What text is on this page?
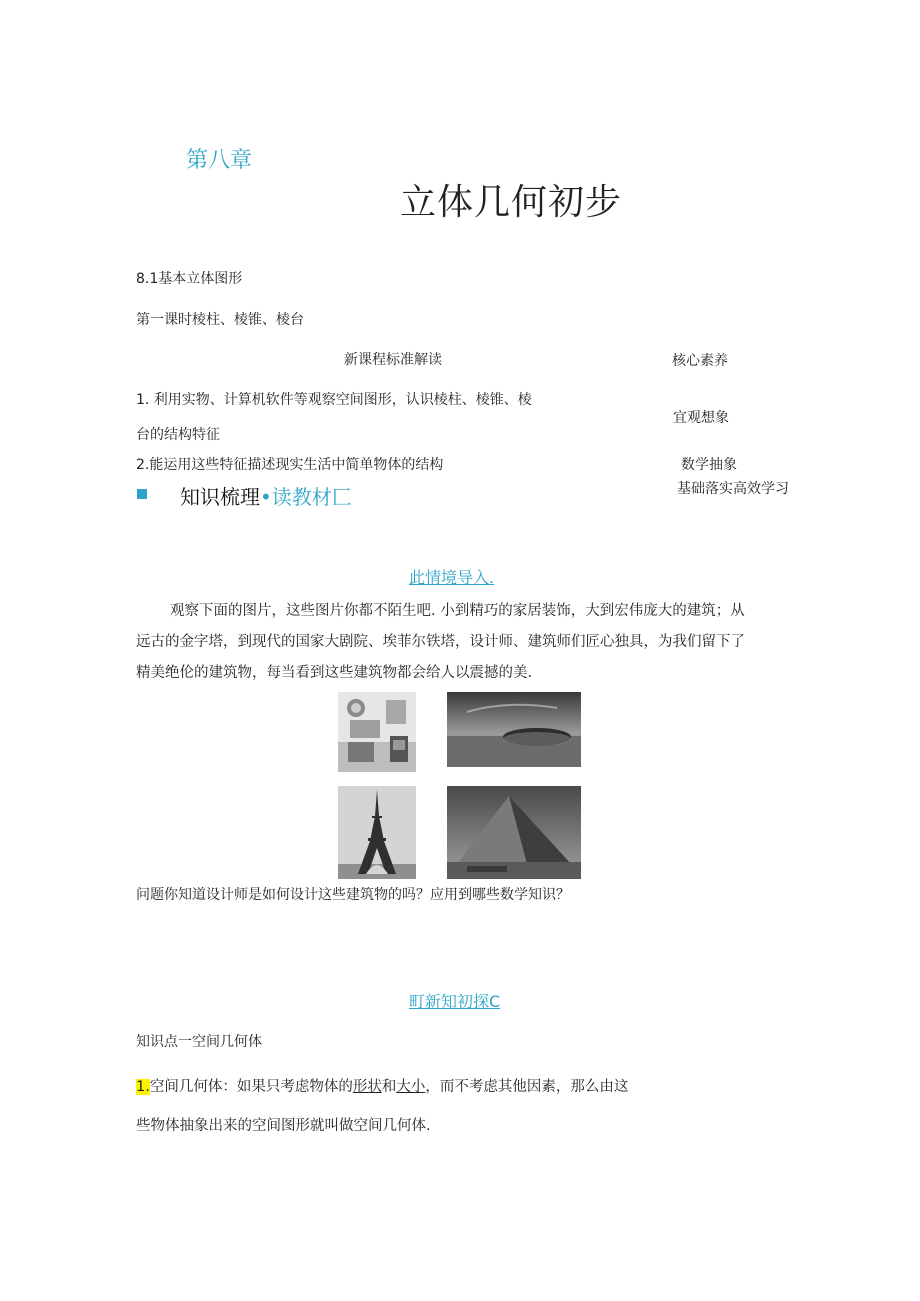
第八章
立体几何初步
8.1基本立体图形
第一课时棱柱、棱锥、棱台
新课程标准解读	核心素养
1. 利用实物、计算机软件等观察空间图形，认识棱柱、棱锥、棱
台的结构特征
宜观想象
2.能运用这些特征描述现实生活中简单物体的结构	数学抽象
基础落实高效学习
知识梳理•读教材匚
此情境导入.

观察下面的图片，这些图片你都不陌生吧. 小到精巧的家居装饰，大到宏伟庞大的建筑；从

远古的金字塔，到现代的国家大剧院、埃菲尔铁塔，设计师、建筑师们匠心独具，为我们留下了

精美绝伦的建筑物，每当看到这些建筑物都会给人以震撼的美.

问题你知道设计师是如何设计这些建筑物的吗？应用到哪些数学知识？
町新知初探C
知识点一空间几何体
1.空间几何体：如果只考虑物体的形状和大小，而不考虑其他因素，那么由这
些物体抽象出来的空间图形就叫做空间几何体.
